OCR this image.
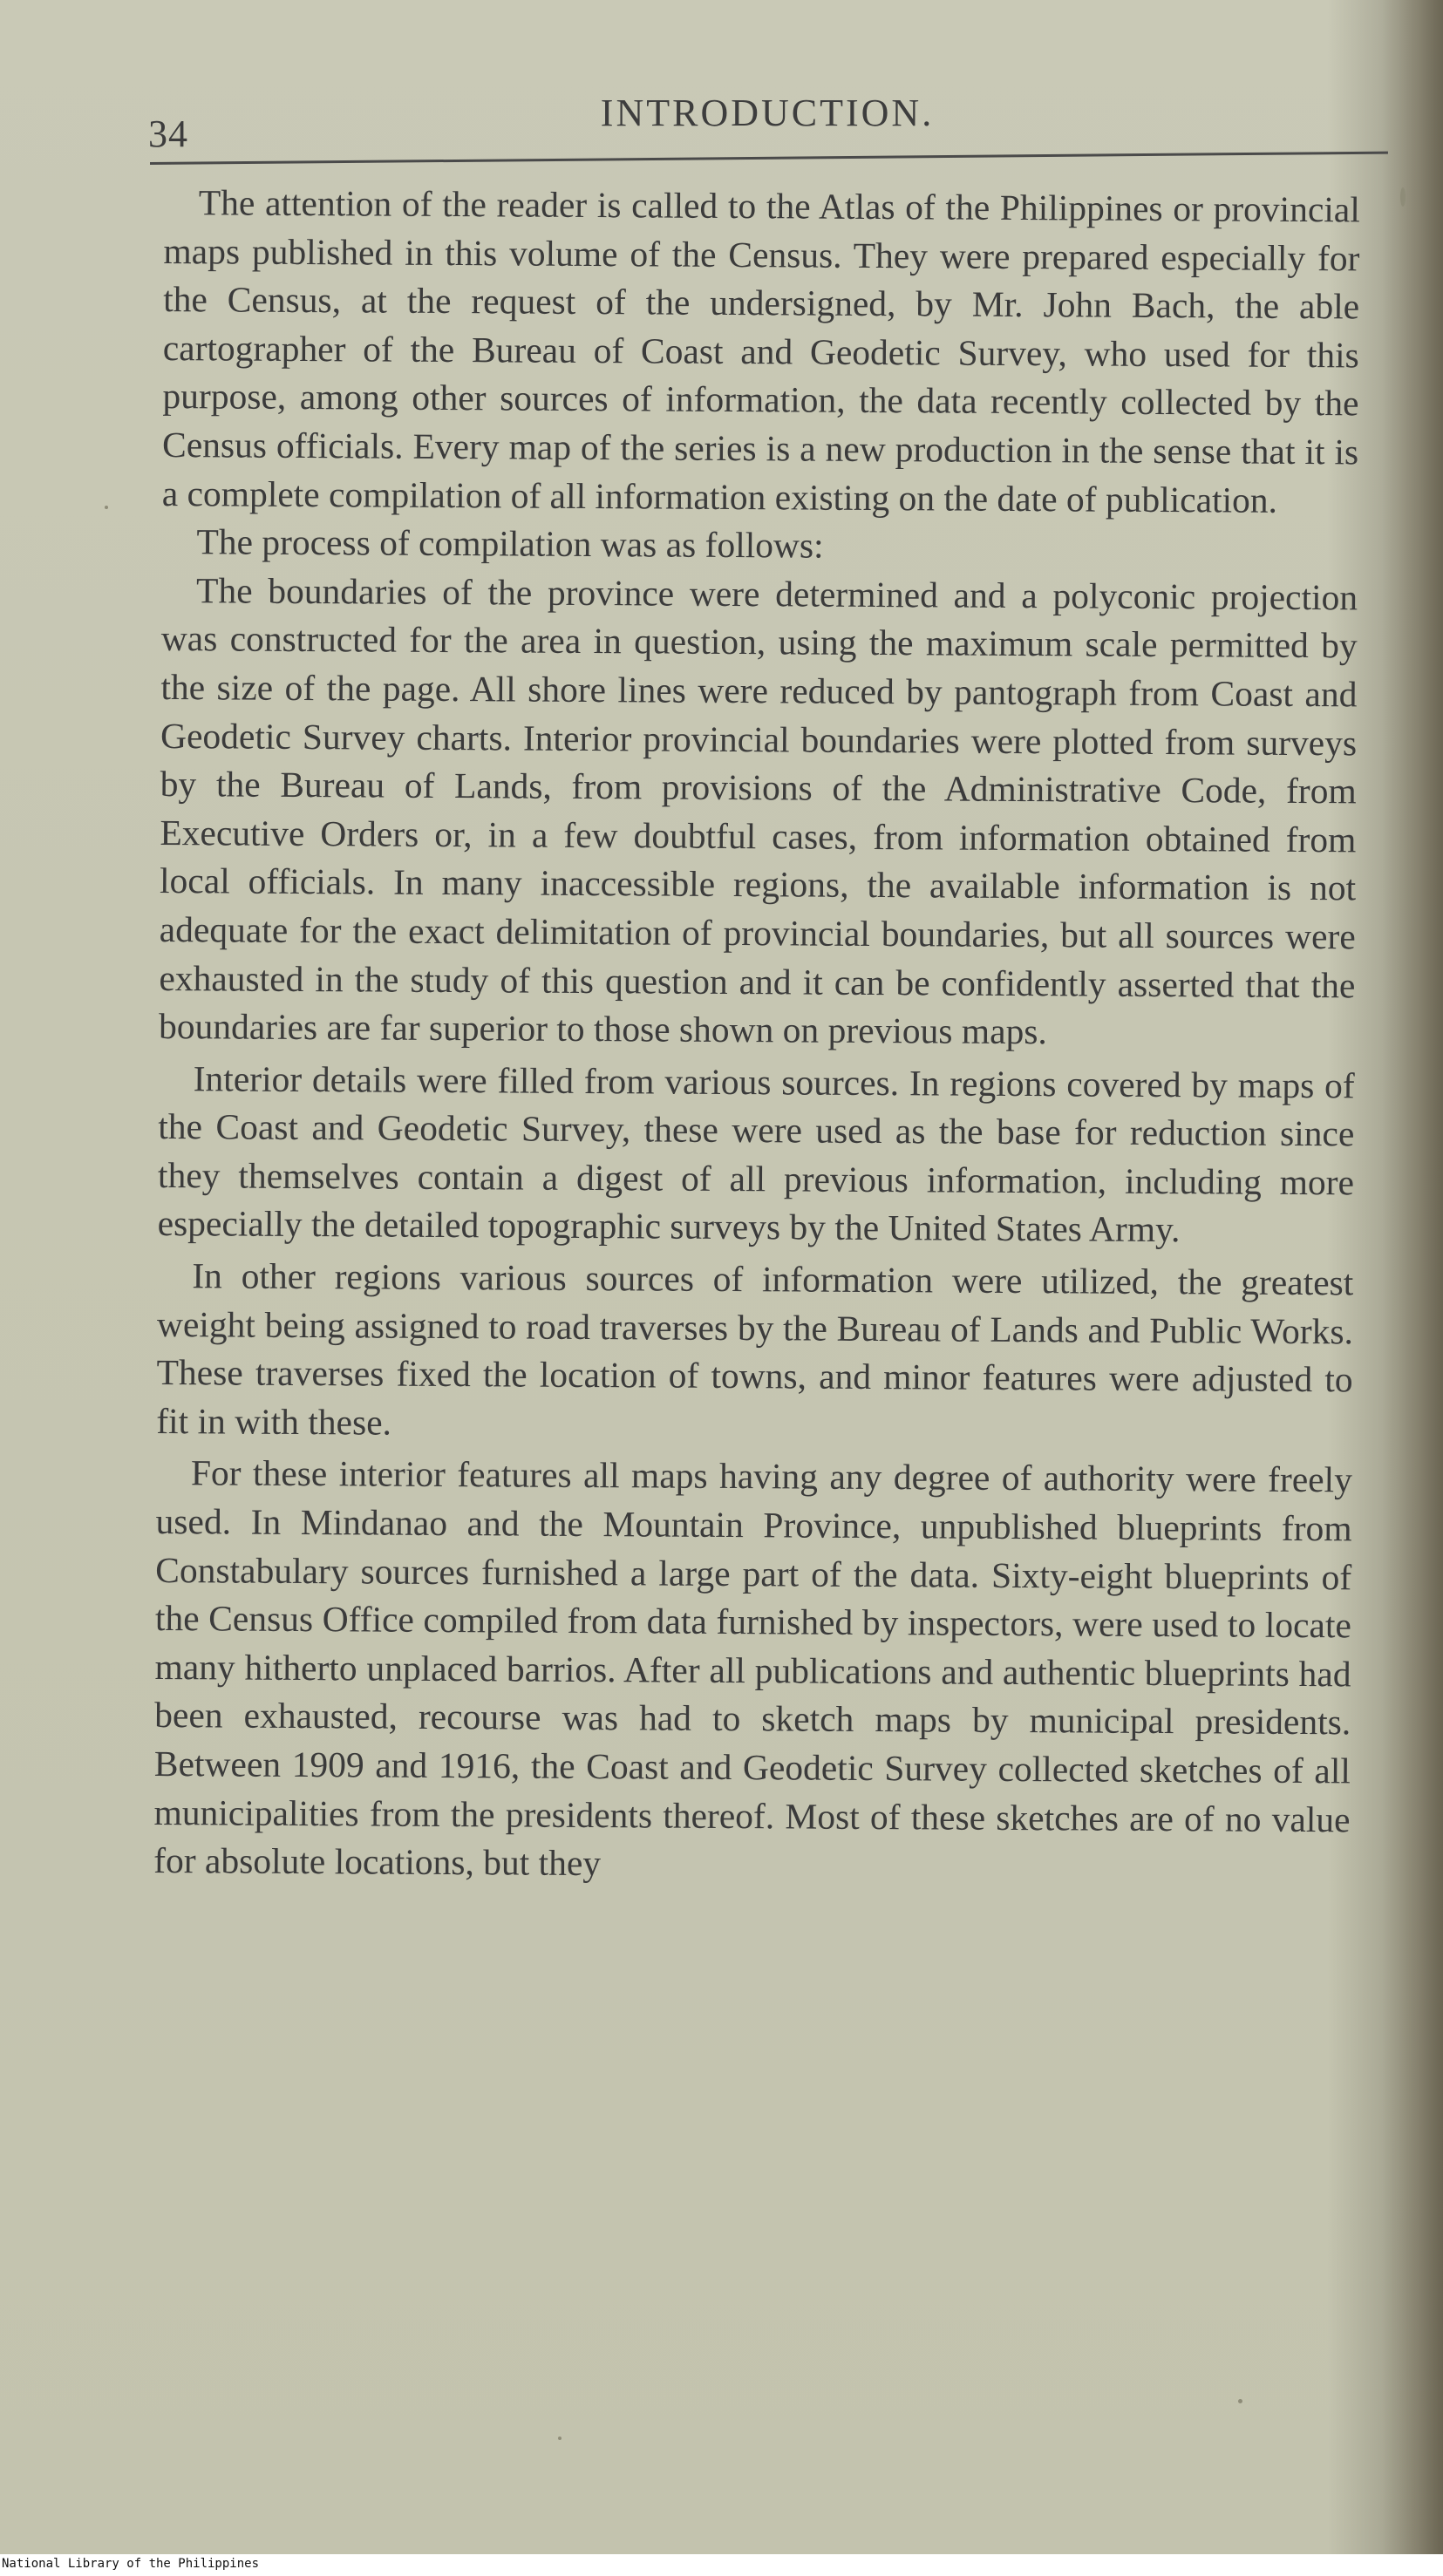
34	INTRODUCTION.

The attention of the reader is called to the Atlas of the Philippines or provincial maps published in this volume of the Census. They were prepared especially for the Census, at the request of the undersigned, by Mr. John Bach, the able cartographer of the Bureau of Coast and Geodetic Survey, who used for this purpose, among other sources of information, the data recently collected by the Census officials. Every map of the series is a new production in the sense that it is a complete compilation of all information existing on the date of publication.

The process of compilation was as follows:

The boundaries of the province were determined and a polyconic projection was constructed for the area in question, using the maximum scale permitted by the size of the page. All shore lines were reduced by pantograph from Coast and Geodetic Survey charts. Interior provincial boundaries were plotted from surveys by the Bureau of Lands, from provisions of the Administrative Code, from Executive Orders or, in a few doubtful cases, from information obtained from local officials. In many inaccessible regions, the available information is not adequate for the exact delimitation of provincial boundaries, but all sources were exhausted in the study of this question and it can be confidently asserted that the boundaries are far superior to those shown on previous maps.

Interior details were filled from various sources. In regions covered by maps of the Coast and Geodetic Survey, these were used as the base for reduction since they themselves contain a digest of all previous information, including more especially the detailed topographic surveys by the United States Army.

In other regions various sources of information were utilized, the greatest weight being assigned to road traverses by the Bureau of Lands and Public Works. These traverses fixed the location of towns, and minor features were adjusted to fit in with these.

For these interior features all maps having any degree of authority were freely used. In Mindanao and the Mountain Province, unpublished blueprints from Constabulary sources furnished a large part of the data. Sixty-eight blueprints of the Census Office compiled from data furnished by inspectors, were used to locate many hitherto unplaced barrios. After all publications and authentic blueprints had been exhausted, recourse was had to sketch maps by municipal presidents. Between 1909 and 1916, the Coast and Geodetic Survey collected sketches of all municipalities from the presidents thereof. Most of these sketches are of no value for absolute locations, but they

National Library of the Philippines
